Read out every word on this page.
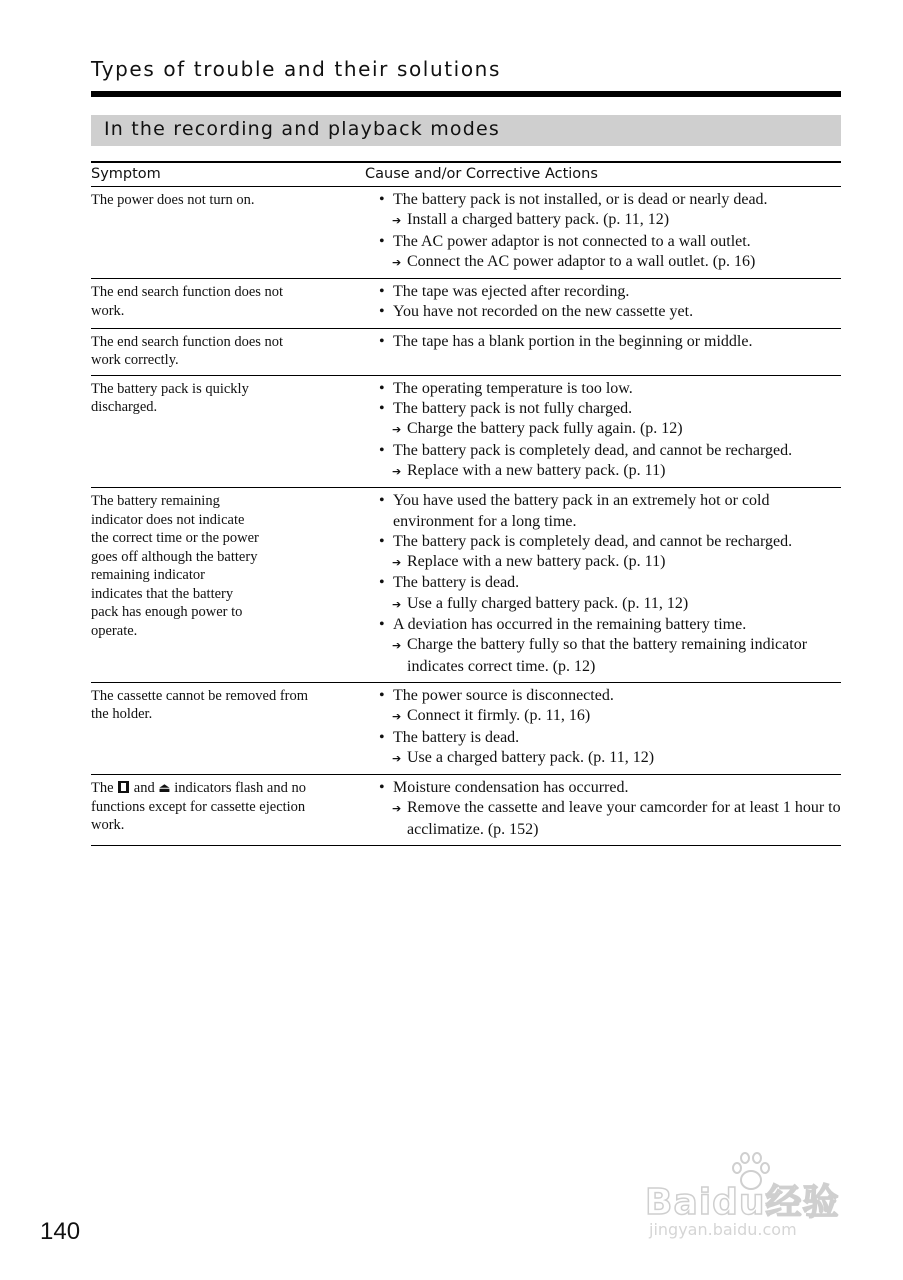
Types of trouble and their solutions
In the recording and playback modes
Symptom	Cause and/or Corrective Actions
The power does not turn on.
•	The battery pack is not installed, or is dead or nearly dead.
➔ Install a charged battery pack. (p. 11, 12)
• The AC power adaptor is not connected to a wall outlet.
➔ Connect the AC power adaptor to a wall outlet. (p. 16)
The end search function does not
work.
• The tape was ejected after recording.
• You have not recorded on the new cassette yet.
The end search function does not
work correctly.
• The tape has a blank portion in the beginning or middle.
The battery pack is quickly
discharged.
• The operating temperature is too low.
• The battery pack is not fully charged.
➔ Charge the battery pack fully again. (p. 12)
• The battery pack is completely dead, and cannot be recharged.
➔ Replace with a new battery pack. (p. 11)
The battery remaining
indicator does not indicate
the correct time or the power
goes off although the battery
remaining indicator
indicates that the battery
pack has enough power to
operate.
• You have used the battery pack in an extremely hot or cold environment for a long time.
• The battery pack is completely dead, and cannot be recharged.
➔ Replace with a new battery pack. (p. 11)
• The battery is dead.
➔ Use a fully charged battery pack. (p. 11, 12)
• A deviation has occurred in the remaining battery time.
➔ Charge the battery fully so that the battery remaining indicator indicates correct time. (p. 12)
The cassette cannot be removed from
the holder.
• The power source is disconnected.
➔ Connect it firmly. (p. 11, 16)
• The battery is dead.
➔ Use a charged battery pack. (p. 11, 12)
The and ⏏ indicators flash and no
functions except for cassette ejection
work.
• Moisture condensation has occurred.
➔ Remove the cassette and leave your camcorder for at least 1 hour to acclimatize. (p. 152)
140
Baidu经验
jingyan.baidu.com
